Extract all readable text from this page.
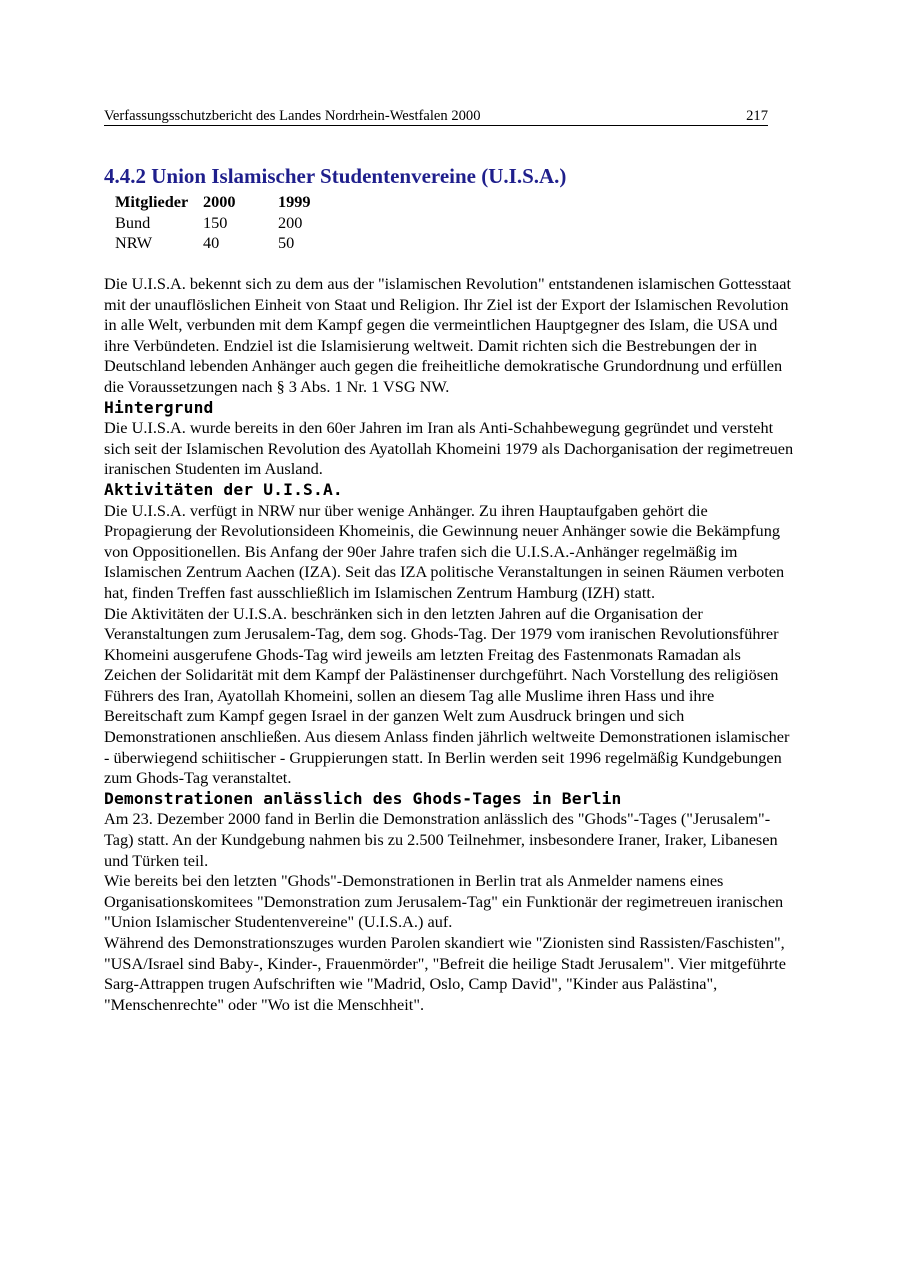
Verfassungsschutzbericht des Landes Nordrhein-Westfalen 2000	217
4.4.2 Union Islamischer Studentenvereine (U.I.S.A.)
Mitglieder	2000	1999
Bund	150	200
NRW	40	50

Die U.I.S.A. bekennt sich zu dem aus der "islamischen Revolution" entstandenen islamischen Gottesstaat mit der unauflöslichen Einheit von Staat und Religion. Ihr Ziel ist der Export der Islamischen Revolution in alle Welt, verbunden mit dem Kampf gegen die vermeintlichen Hauptgegner des Islam, die USA und ihre Verbündeten. Endziel ist die Islamisierung weltweit. Damit richten sich die Bestrebungen der in Deutschland lebenden Anhänger auch gegen die freiheitliche demokratische Grundordnung und erfüllen die Voraussetzungen nach § 3 Abs. 1 Nr. 1 VSG NW.

Hintergrund

Die U.I.S.A. wurde bereits in den 60er Jahren im Iran als Anti-Schahbewegung gegründet und versteht sich seit der Islamischen Revolution des Ayatollah Khomeini 1979 als Dachorganisation der regimetreuen iranischen Studenten im Ausland.

Aktivitäten der U.I.S.A.

Die U.I.S.A. verfügt in NRW nur über wenige Anhänger. Zu ihren Hauptaufgaben gehört die Propagierung der Revolutionsideen Khomeinis, die Gewinnung neuer Anhänger sowie die Bekämpfung von Oppositionellen. Bis Anfang der 90er Jahre trafen sich die U.I.S.A.-Anhänger regelmäßig im Islamischen Zentrum Aachen (IZA). Seit das IZA politische Veranstaltungen in seinen Räumen verboten hat, finden Treffen fast ausschließlich im Islamischen Zentrum Hamburg (IZH) statt.

Die Aktivitäten der U.I.S.A. beschränken sich in den letzten Jahren auf die Organisation der Veranstaltungen zum Jerusalem-Tag, dem sog. Ghods-Tag. Der 1979 vom iranischen Revolutionsführer Khomeini ausgerufene Ghods-Tag wird jeweils am letzten Freitag des Fastenmonats Ramadan als Zeichen der Solidarität mit dem Kampf der Palästinenser durchgeführt. Nach Vorstellung des religiösen Führers des Iran, Ayatollah Khomeini, sollen an diesem Tag alle Muslime ihren Hass und ihre Bereitschaft zum Kampf gegen Israel in der ganzen Welt zum Ausdruck bringen und sich Demonstrationen anschließen. Aus diesem Anlass finden jährlich weltweite Demonstrationen islamischer - überwiegend schiitischer - Gruppierungen statt. In Berlin werden seit 1996 regelmäßig Kundgebungen zum Ghods-Tag veranstaltet.

Demonstrationen anlässlich des Ghods-Tages in Berlin

Am 23. Dezember 2000 fand in Berlin die Demonstration anlässlich des "Ghods"-Tages ("Jerusalem"-Tag) statt. An der Kundgebung nahmen bis zu 2.500 Teilnehmer, insbesondere Iraner, Iraker, Libanesen und Türken teil.

Wie bereits bei den letzten "Ghods"-Demonstrationen in Berlin trat als Anmelder namens eines Organisationskomitees "Demonstration zum Jerusalem-Tag" ein Funktionär der regimetreuen iranischen "Union Islamischer Studentenvereine" (U.I.S.A.) auf.

Während des Demonstrationszuges wurden Parolen skandiert wie "Zionisten sind Rassisten/Faschisten", "USA/Israel sind Baby-, Kinder-, Frauenmörder", "Befreit die heilige Stadt Jerusalem". Vier mitgeführte Sarg-Attrappen trugen Aufschriften wie "Madrid, Oslo, Camp David", "Kinder aus Palästina", "Menschenrechte" oder "Wo ist die Menschheit".
